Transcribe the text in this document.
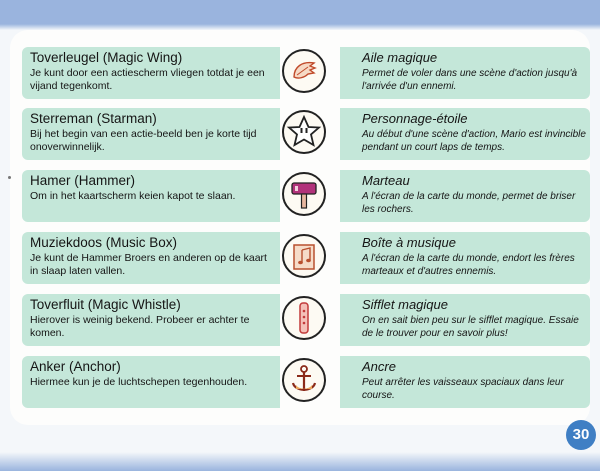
Toverleugel (Magic Wing)
Je kunt door een actiescherm vliegen totdat je een vijand tegenkomt.
Aile magique
Permet de voler dans une scène d'action jusqu'à l'arrivée d'un ennemi.
Sterreman (Starman)
Bij het begin van een actie-beeld ben je korte tijd onoverwinnelijk.
Personnage-étoile
Au début d'une scène d'action, Mario est invincible pendant un court laps de temps.
Hamer (Hammer)
Om in het kaartscherm keien kapot te slaan.
Marteau
A l'écran de la carte du monde, permet de briser les rochers.
Muziekdoos (Music Box)
Je kunt de Hammer Broers en anderen op de kaart in slaap laten vallen.
Boîte à musique
A l'écran de la carte du monde, endort les frères marteaux et d'autres ennemis.
Toverfluit (Magic Whistle)
Hierover is weinig bekend. Probeer er achter te komen.
Sifflet magique
On en sait bien peu sur le sifflet magique. Essaie de le trouver pour en savoir plus!
Anker (Anchor)
Hiermee kun je de luchtschepen tegenhouden.
Ancre
Peut arrêter les vaisseaux spaciaux dans leur course.
30
